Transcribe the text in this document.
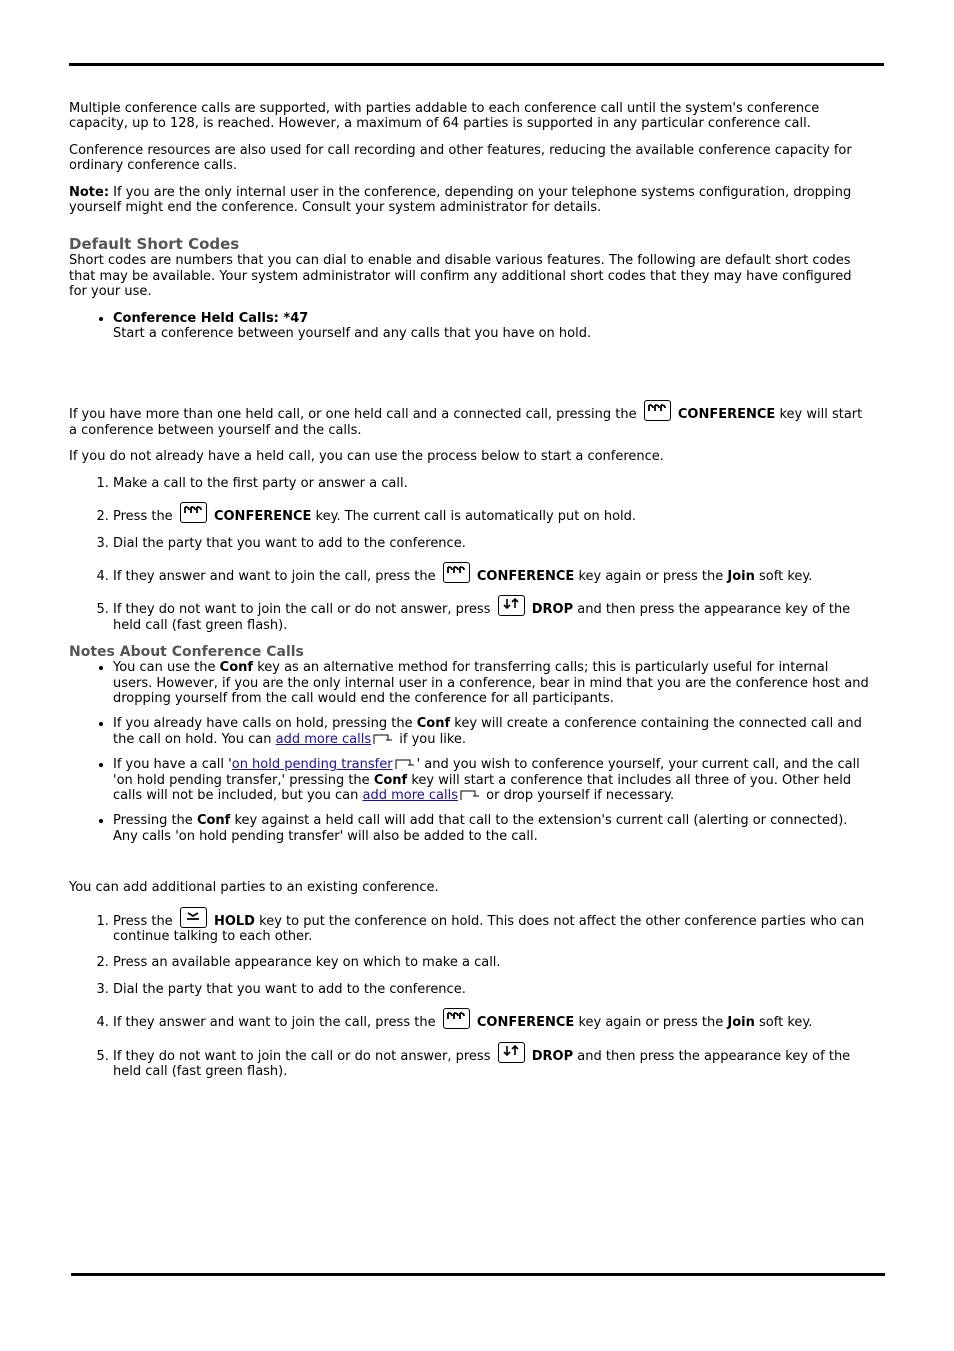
Multiple conference calls are supported, with parties addable to each conference call until the system's conference capacity, up to 128, is reached. However, a maximum of 64 parties is supported in any particular conference call.

Conference resources are also used for call recording and other features, reducing the available conference capacity for ordinary conference calls.

Note: If you are the only internal user in the conference, depending on your telephone systems configuration, dropping yourself might end the conference. Consult your system administrator for details.

Default Short Codes

Short codes are numbers that you can dial to enable and disable various features. The following are default short codes that may be available. Your system administrator will confirm any additional short codes that they may have configured for your use.

• Conference Held Calls: *47
Start a conference between yourself and any calls that you have on hold.

If you have more than one held call, or one held call and a connected call, pressing the	CONFERENCE key will start a conference between yourself and the calls.

If you do not already have a held call, you can use the process below to start a conference.

1. Make a call to the first party or answer a call.
2. Press the	CONFERENCE key. The current call is automatically put on hold.
3. Dial the party that you want to add to the conference.
4. If they answer and want to join the call, press the	CONFERENCE key again or press the Join soft key.
5. If they do not want to join the call or do not answer, press	DROP and then press the appearance key of the held call (fast green flash).
Notes About Conference Calls
• You can use the Conf key as an alternative method for transferring calls; this is particularly useful for internal users. However, if you are the only internal user in a conference, bear in mind that you are the conference host and dropping yourself from the call would end the conference for all participants.
• If you already have calls on hold, pressing the Conf key will create a conference containing the connected call and the call on hold. You can add more calls if you like.
• If you have a call 'on hold pending transfer ' and you wish to conference yourself, your current call, and the call 'on hold pending transfer,' pressing the Conf key will start a conference that includes all three of you. Other held calls will not be included, but you can add more calls or drop yourself if necessary.
• Pressing the Conf key against a held call will add that call to the extension's current call (alerting or connected). Any calls 'on hold pending transfer' will also be added to the call.

You can add additional parties to an existing conference.

1. Press the	HOLD key to put the conference on hold. This does not affect the other conference parties who can continue talking to each other.
2. Press an available appearance key on which to make a call.
3. Dial the party that you want to add to the conference.
4. If they answer and want to join the call, press the	CONFERENCE key again or press the Join soft key.
5. If they do not want to join the call or do not answer, press	DROP and then press the appearance key of the held call (fast green flash).
